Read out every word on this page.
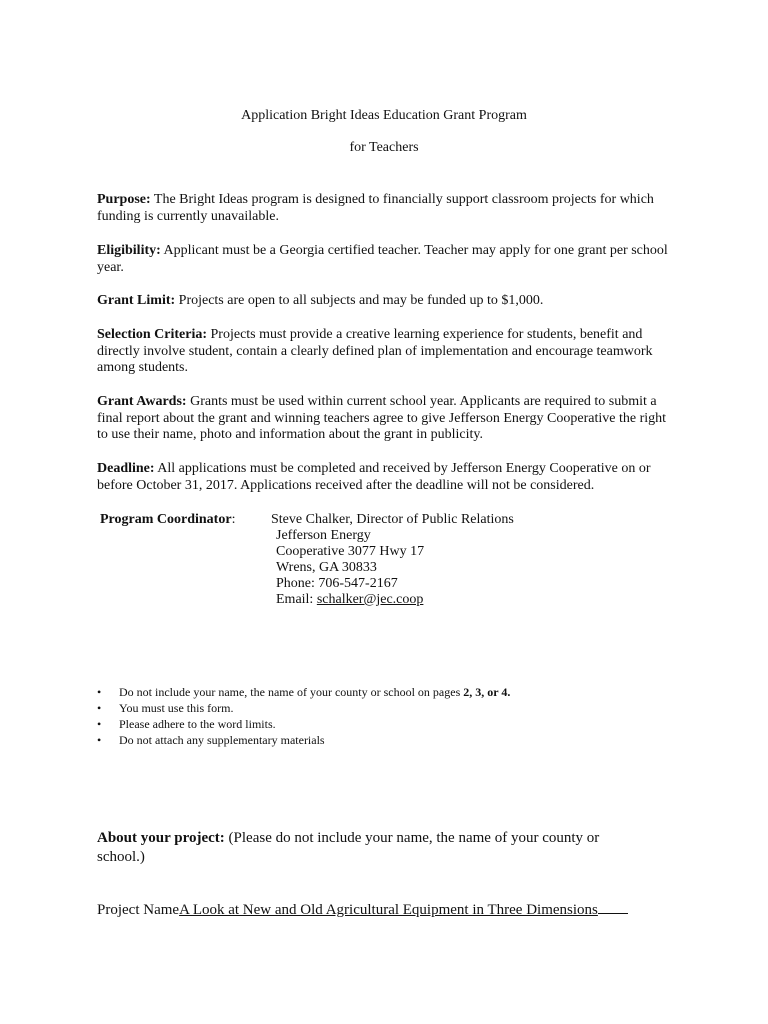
Application Bright Ideas Education Grant Program
for Teachers
Purpose: The Bright Ideas program is designed to financially support classroom projects for which funding is currently unavailable.
Eligibility: Applicant must be a Georgia certified teacher. Teacher may apply for one grant per school year.
Grant Limit: Projects are open to all subjects and may be funded up to $1,000.
Selection Criteria: Projects must provide a creative learning experience for students, benefit and directly involve student, contain a clearly defined plan of implementation and encourage teamwork among students.
Grant Awards: Grants must be used within current school year. Applicants are required to submit a final report about the grant and winning teachers agree to give Jefferson Energy Cooperative the right to use their name, photo and information about the grant in publicity.
Deadline: All applications must be completed and received by Jefferson Energy Cooperative on or before October 31, 2017. Applications received after the deadline will not be considered.
Program Coordinator:	Steve Chalker, Director of Public Relations
Jefferson Energy
Cooperative 3077 Hwy 17
Wrens, GA 30833
Phone: 706-547-2167
Email: schalker@jec.coop
• Do not include your name, the name of your county or school on pages 2, 3, or 4.
• You must use this form.
• Please adhere to the word limits.
• Do not attach any supplementary materials
About your project: (Please do not include your name, the name of your county or school.)
Project NameA Look at New and Old Agricultural Equipment in Three Dimensions
